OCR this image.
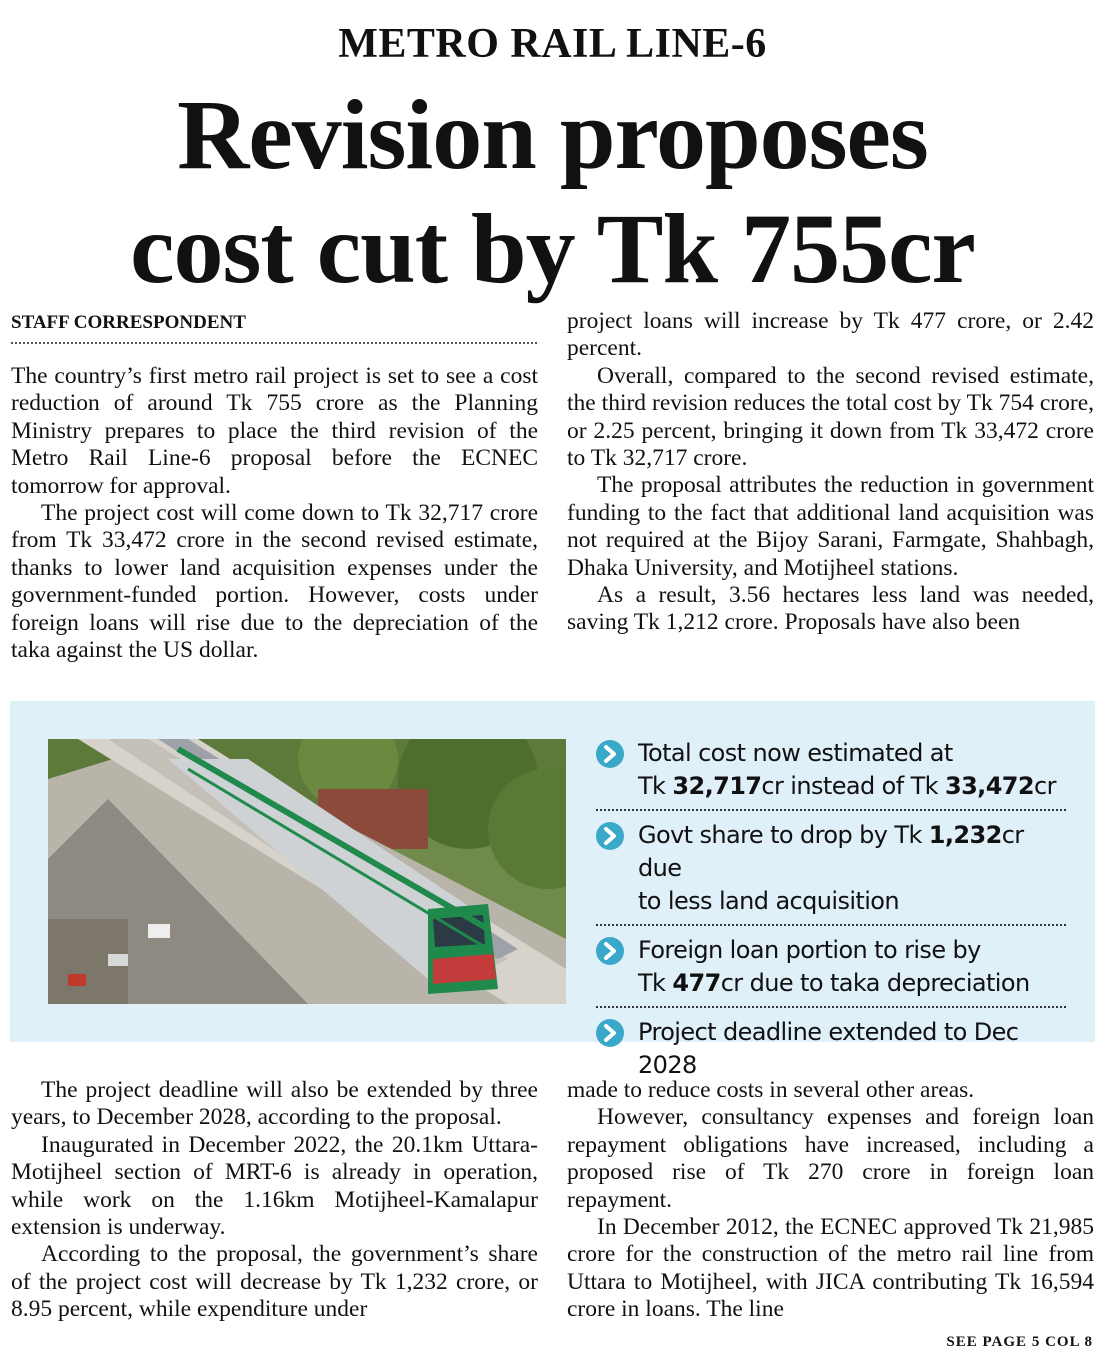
METRO RAIL LINE-6
Revision proposes
cost cut by Tk 755cr
STAFF CORRESPONDENT

The country’s first metro rail project is set to see a cost reduction of around Tk 755 crore as the Planning Ministry prepares to place the third revision of the Metro Rail Line-6 proposal before the ECNEC tomorrow for approval.

The project cost will come down to Tk 32,717 crore from Tk 33,472 crore in the second revised estimate, thanks to lower land acquisition expenses under the government-funded portion. However, costs under foreign loans will rise due to the depreciation of the taka against the US dollar.

project loans will increase by Tk 477 crore, or 2.42 percent.

Overall, compared to the second revised estimate, the third revision reduces the total cost by Tk 754 crore, or 2.25 percent, bringing it down from Tk 33,472 crore to Tk 32,717 crore.

The proposal attributes the reduction in government funding to the fact that additional land acquisition was not required at the Bijoy Sarani, Farmgate, Shahbagh, Dhaka University, and Motijheel stations.

As a result, 3.56 hectares less land was needed, saving Tk 1,212 crore. Proposals have also been

Total cost now estimated at
Tk 32,717cr instead of Tk 33,472cr
Govt share to drop by Tk 1,232cr due
to less land acquisition
Foreign loan portion to rise by
Tk 477cr due to taka depreciation
Project deadline extended to Dec 2028

The project deadline will also be extended by three years, to December 2028, according to the proposal.

Inaugurated in December 2022, the 20.1km Uttara-Motijheel section of MRT-6 is already in operation, while work on the 1.16km Motijheel-Kamalapur extension is underway.

According to the proposal, the government’s share of the project cost will decrease by Tk 1,232 crore, or 8.95 percent, while expenditure under

made to reduce costs in several other areas.

However, consultancy expenses and foreign loan repayment obligations have increased, including a proposed rise of Tk 270 crore in foreign loan repayment.

In December 2012, the ECNEC approved Tk 21,985 crore for the construction of the metro rail line from Uttara to Motijheel, with JICA contributing Tk 16,594 crore in loans. The line

SEE PAGE 5 COL 8
